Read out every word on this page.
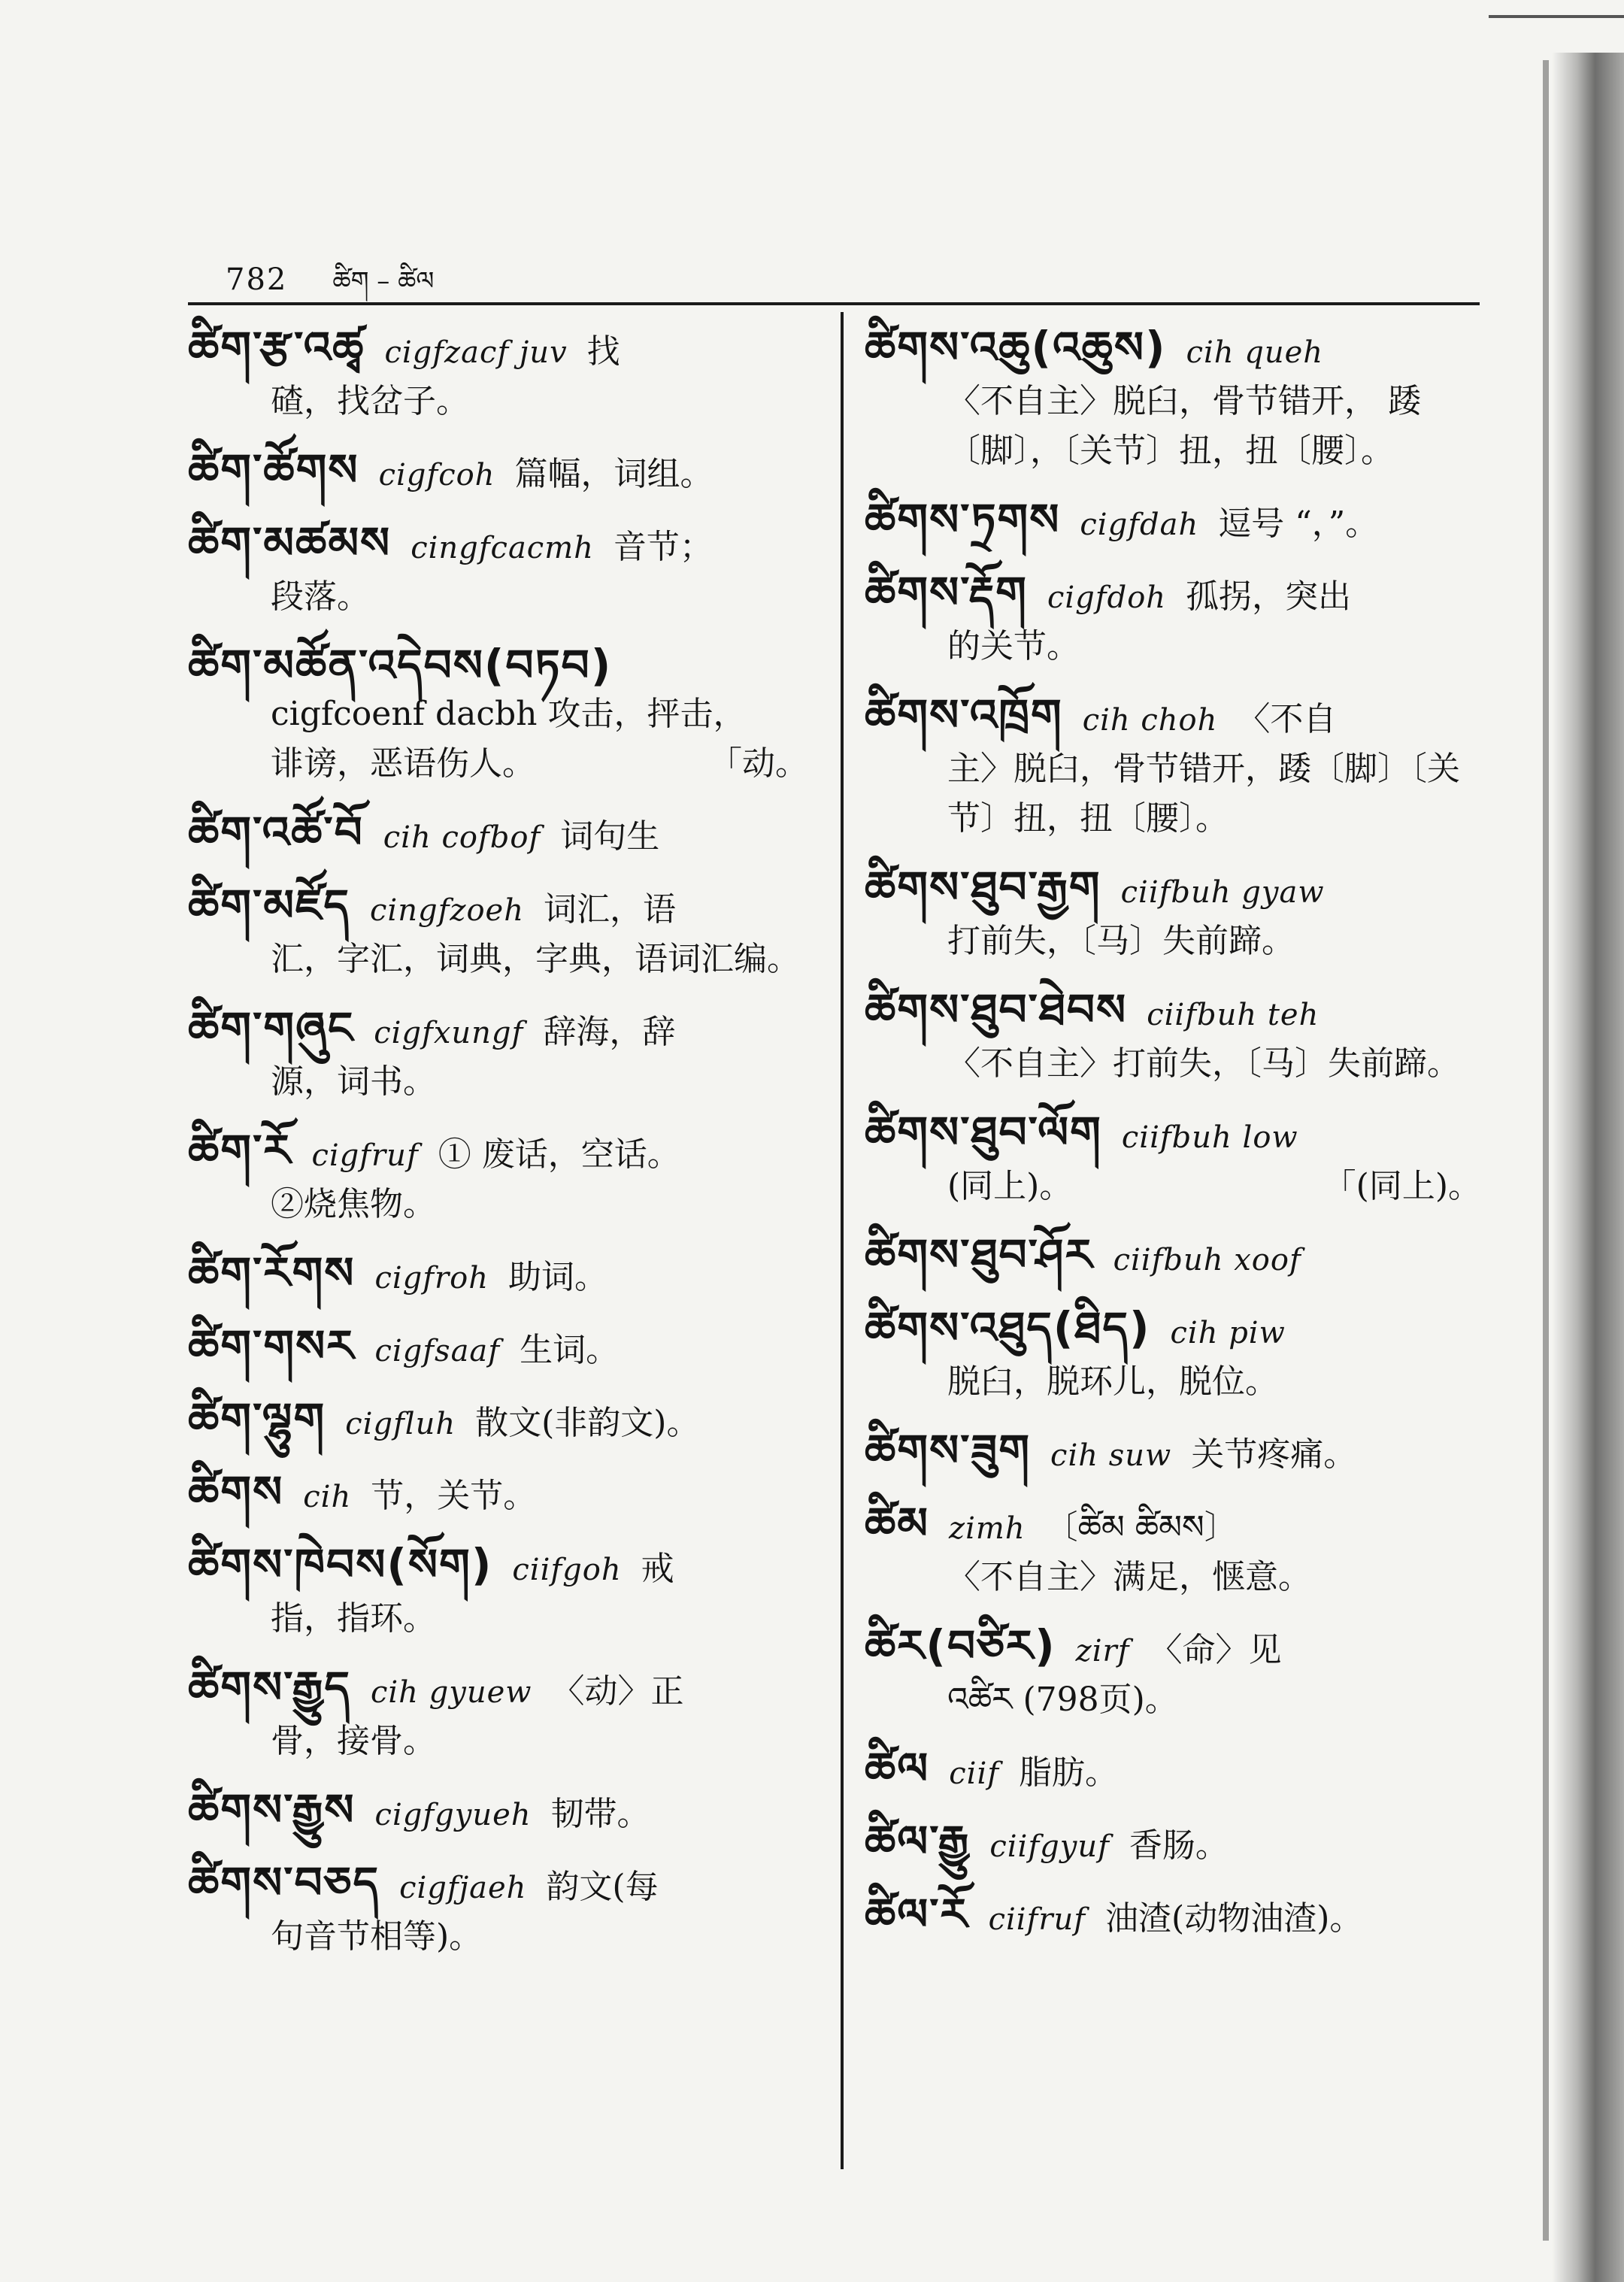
782 ཚིག – ཚིལ
ཚིག་རྩ་འཚྭ cigfzacf juv 找
碴，找岔子。
ཚིག་ཚོགས cigfcoh 篇幅，词组。
ཚིག་མཚམས cingfcacmh 音节；
段落。
ཚིག་མཚོན་འདེབས(བཏབ)
cigfcoenf dacbh 攻击，抨击，
诽谤，恶语伤人。	「动。
ཚིག་འཚོ་བོ cih cofbof 词句生
ཚིག་མཛོད cingfzoeh 词汇，语
汇，字汇，词典，字典，语词汇编。
ཚིག་གཞུང cigfxungf 辞海，辞
源，词书。
ཚིག་རོ cigfruf ① 废话，空话。
②烧焦物。
ཚིག་རོགས cigfroh 助词。
ཚིག་གསར cigfsaaf 生词。
ཚིག་ལྷུག cigfluh 散文(非韵文)。
ཚིགས cih 节，关节。
ཚིགས་ཁེབས(སོག) ciifgoh 戒
指，指环。
ཚིགས་རྒྱུད cih gyuew 〈动〉正
骨，接骨。
ཚིགས་རྒྱུས cigfgyueh 韧带。
ཚིགས་བཅད cigfjaeh 韵文(每
句音节相等)。
ཚིགས་འཆུ(འཆུས) cih queh
〈不自主〉脱臼，骨节错开， 踒
〔脚〕，〔关节〕扭，扭〔腰〕。
ཚིགས་ཏྲགས cigfdah 逗号 “，”。
ཚིགས་རྡོག cigfdoh 孤拐，突出
的关节。
ཚིགས་འཁྲོག cih choh 〈不自
主〉脱臼，骨节错开，踒〔脚〕〔关
节〕扭，扭〔腰〕。
ཚིགས་ཐུབ་རྒྱག ciifbuh gyaw
打前失，〔马〕失前蹄。
ཚིགས་ཐུབ་ཐེབས ciifbuh teh
〈不自主〉打前失，〔马〕失前蹄。
ཚིགས་ཐུབ་ལོག ciifbuh low
(同上)。	「(同上)。
ཚིགས་ཐུབ་ཤོར ciifbuh xoof
ཚིགས་འཐུད(ཐིད) cih piw
脱臼，脱环儿，脱位。
ཚིགས་ཟུག cih suw 关节疼痛。
ཚིམ zimh 〔ཚིམ ཚིམས〕
〈不自主〉满足，惬意。
ཚིར(བཙིར) zirf 〈命〉见
འཚིར (798页)。
ཚིལ ciif 脂肪。
ཚིལ་རྒྱུ ciifgyuf 香肠。
ཚིལ་རོ ciifruf 油渣(动物油渣)。
